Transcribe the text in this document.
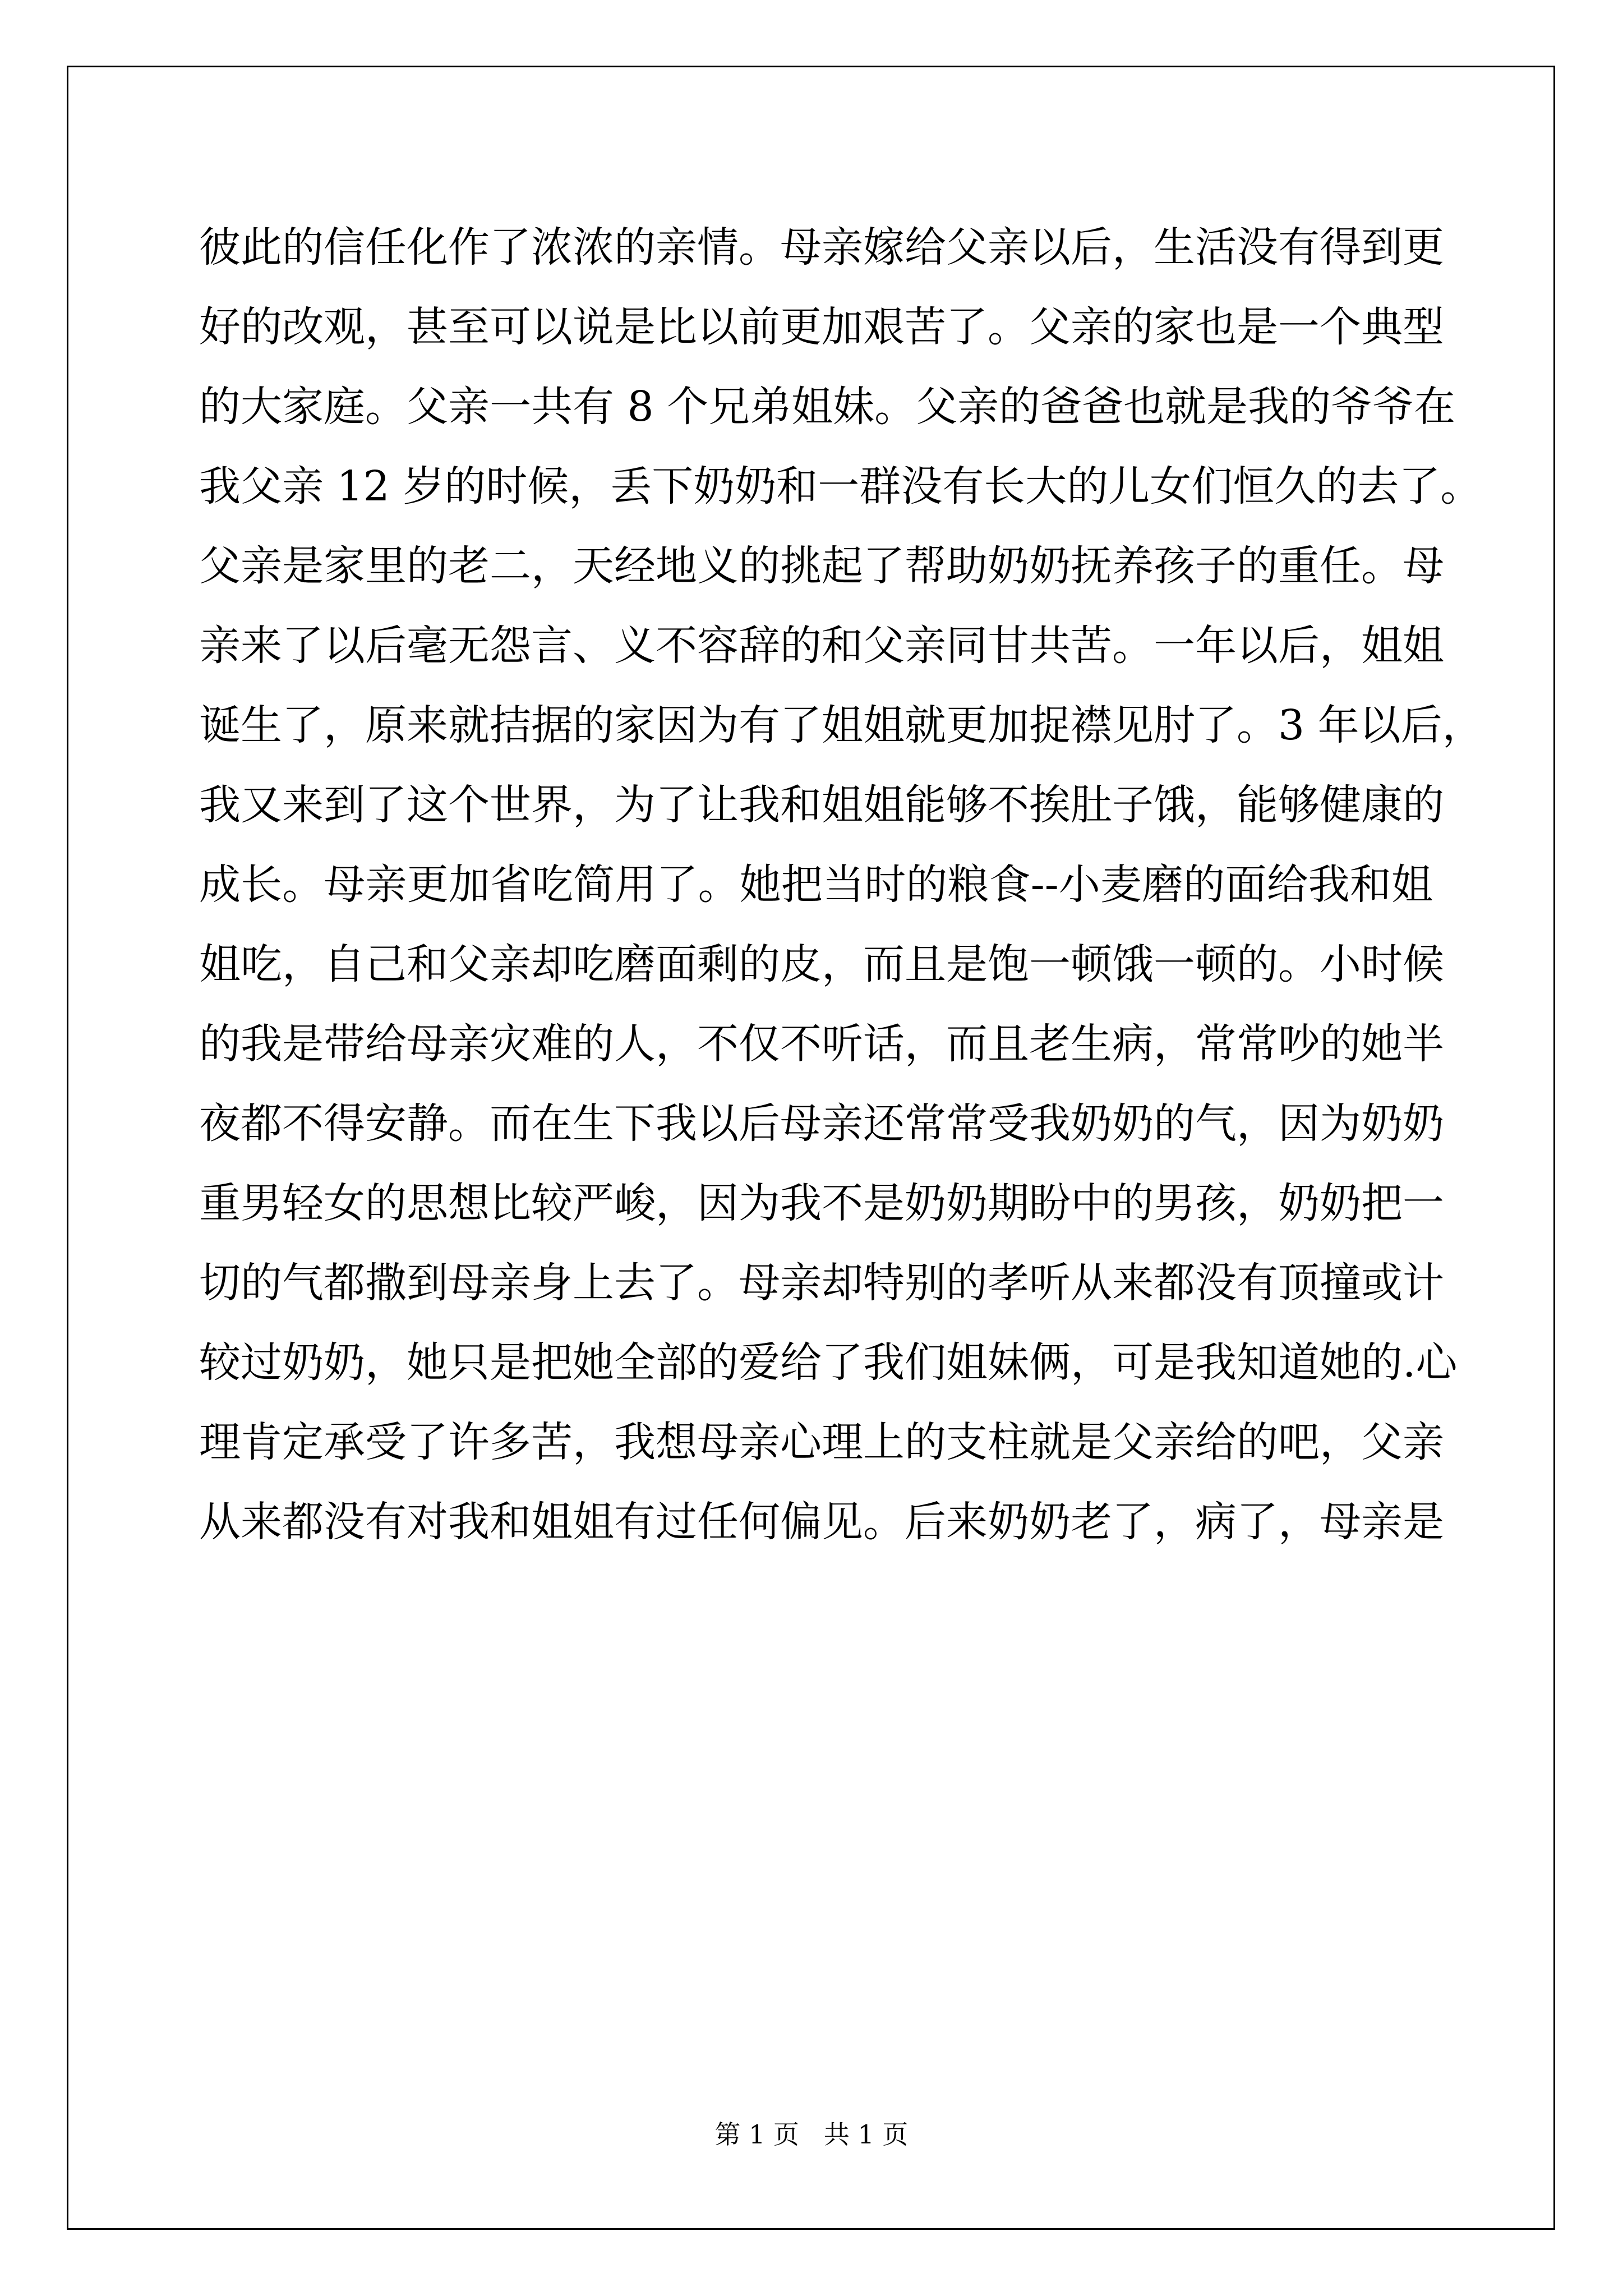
彼此的信任化作了浓浓的亲情。母亲嫁给父亲以后，生活没有得到更
好的改观，甚至可以说是比以前更加艰苦了。父亲的家也是一个典型
的大家庭。父亲一共有 8 个兄弟姐妹。父亲的爸爸也就是我的爷爷在
我父亲 12 岁的时候，丢下奶奶和一群没有长大的儿女们恒久的去了。
父亲是家里的老二，天经地义的挑起了帮助奶奶抚养孩子的重任。母
亲来了以后毫无怨言、义不容辞的和父亲同甘共苦。一年以后，姐姐
诞生了，原来就拮据的家因为有了姐姐就更加捉襟见肘了。3 年以后，
我又来到了这个世界，为了让我和姐姐能够不挨肚子饿，能够健康的
成长。母亲更加省吃简用了。她把当时的粮食--小麦磨的面给我和姐
姐吃，自己和父亲却吃磨面剩的皮，而且是饱一顿饿一顿的。小时候
的我是带给母亲灾难的人，不仅不听话，而且老生病，常常吵的她半
夜都不得安静。而在生下我以后母亲还常常受我奶奶的气，因为奶奶
重男轻女的思想比较严峻，因为我不是奶奶期盼中的男孩，奶奶把一
切的气都撒到母亲身上去了。母亲却特别的孝听从来都没有顶撞或计
较过奶奶，她只是把她全部的爱给了我们姐妹俩，可是我知道她的.心
理肯定承受了许多苦，我想母亲心理上的支柱就是父亲给的吧，父亲
从来都没有对我和姐姐有过任何偏见。后来奶奶老了，病了，母亲是
第 1 页   共 1 页
